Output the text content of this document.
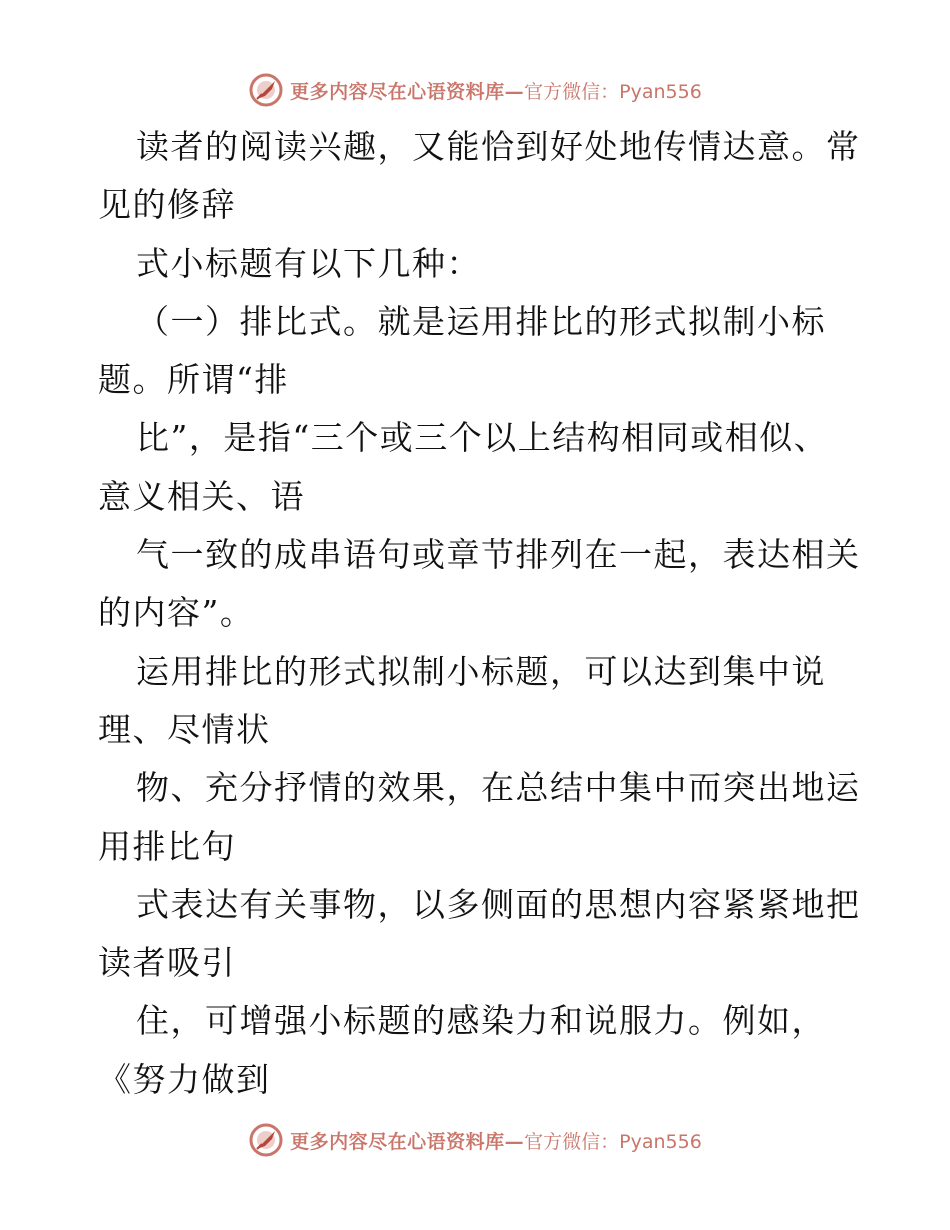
更多内容尽在心语资料库— 官方微信：Pyan556
读者的阅读兴趣，又能恰到好处地传情达意。常
见的修辞
式小标题有以下几种：
（一）排比式。就是运用排比的形式拟制小标
题。所谓“排
比”，是指“三个或三个以上结构相同或相似、
意义相关、语
气一致的成串语句或章节排列在一起，表达相关
的内容”。
运用排比的形式拟制小标题，可以达到集中说
理、尽情状
物、充分抒情的效果，在总结中集中而突出地运
用排比句
式表达有关事物，以多侧面的思想内容紧紧地把
读者吸引
住，可增强小标题的感染力和说服力。例如，
《努力做到
更多内容尽在心语资料库— 官方微信：Pyan556
